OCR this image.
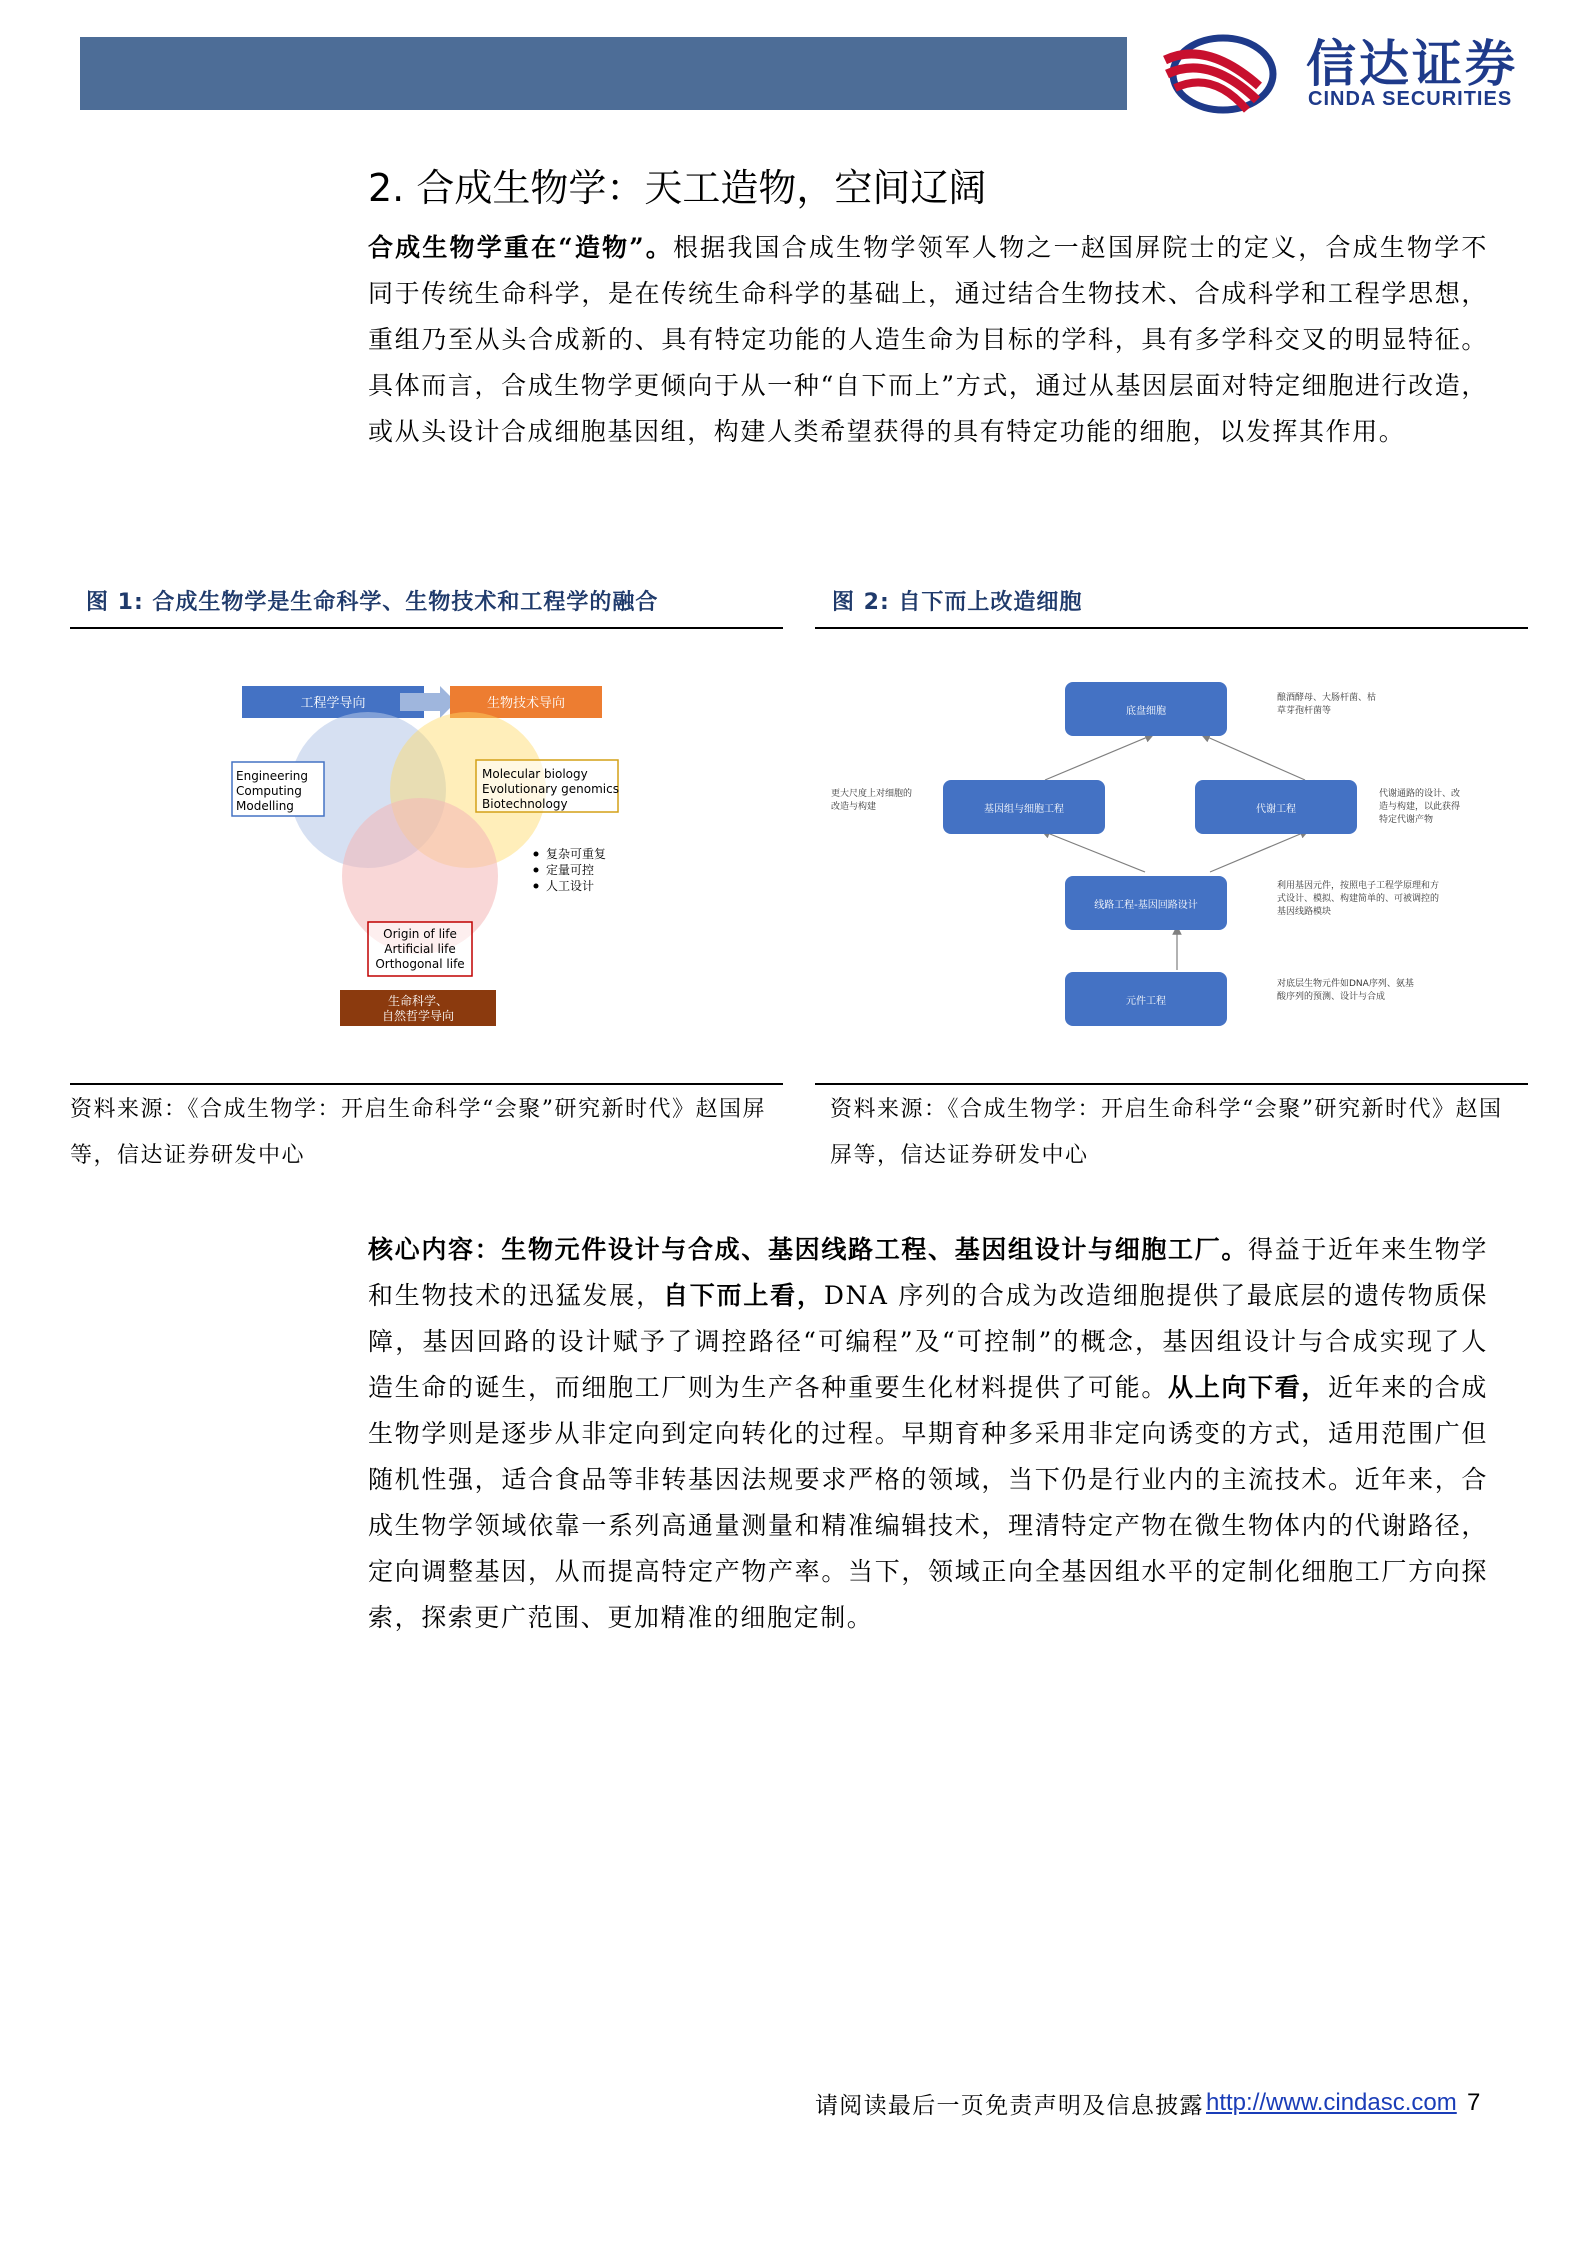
信达证券
CINDA SECURITIES
2. 合成生物学：天工造物，空间辽阔
合成生物学重在“造物”。根据我国合成生物学领军人物之一赵国屏院士的定义，合成生物学不同于传统生命科学，是在传统生命科学的基础上，通过结合生物技术、合成科学和工程学思想，重组乃至从头合成新的、具有特定功能的人造生命为目标的学科，具有多学科交叉的明显特征。具体而言，合成生物学更倾向于从一种“自下而上”方式，通过从基因层面对特定细胞进行改造，或从头设计合成细胞基因组，构建人类希望获得的具有特定功能的细胞，以发挥其作用。
图 1: 合成生物学是生命科学、生物技术和工程学的融合	图 2: 自下而上改造细胞
工程学导向	生物技术导向
Engineering
Computing
Modelling
Molecular biology
Evolutionary genomics
Biotechnology
复杂可重复
定量可控
人工设计
Origin of life
Artificial life
Orthogonal life
生命科学、
自然哲学导向
底盘细胞
基因组与细胞工程	代谢工程
线路工程-基因回路设计
元件工程
酿酒酵母、大肠杆菌、枯
草芽孢杆菌等
更大尺度上对细胞的
改造与构建
代谢通路的设计、改
造与构建，以此获得
特定代谢产物
利用基因元件，按照电子工程学原理和方
式设计、模拟、构建简单的、可被调控的
基因线路模块
对底层生物元件如DNA序列、氨基
酸序列的预测、设计与合成
资料来源：《合成生物学：开启生命科学“会聚”研究新时代》赵国屏等，信达证券研发中心
资料来源：《合成生物学：开启生命科学“会聚”研究新时代》赵国屏等，信达证券研发中心
核心内容：生物元件设计与合成、基因线路工程、基因组设计与细胞工厂。得益于近年来生物学和生物技术的迅猛发展，自下而上看，DNA 序列的合成为改造细胞提供了最底层的遗传物质保障，基因回路的设计赋予了调控路径“可编程”及“可控制”的概念，基因组设计与合成实现了人造生命的诞生，而细胞工厂则为生产各种重要生化材料提供了可能。从上向下看，近年来的合成生物学则是逐步从非定向到定向转化的过程。早期育种多采用非定向诱变的方式，适用范围广但随机性强，适合食品等非转基因法规要求严格的领域，当下仍是行业内的主流技术。近年来，合成生物学领域依靠一系列高通量测量和精准编辑技术，理清特定产物在微生物体内的代谢路径，定向调整基因，从而提高特定产物产率。当下，领域正向全基因组水平的定制化细胞工厂方向探索，探索更广范围、更加精准的细胞定制。
请阅读最后一页免责声明及信息披露 http://www.cindasc.com 7
